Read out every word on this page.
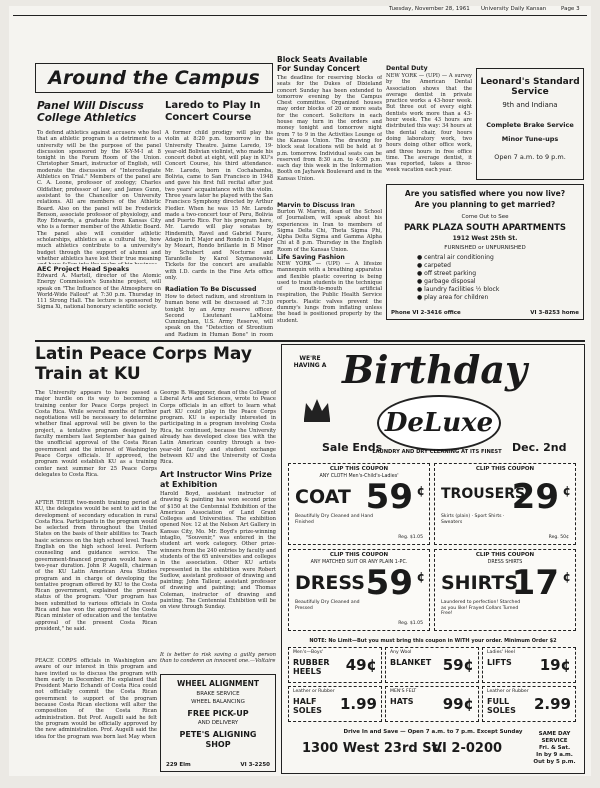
Tuesday, November 28, 1961 University Daily Kansan	Page 3
Around the Campus
Panel Will Discuss College Athletics
To defend athletics against accusers who feel that an athletic program is a detriment to a university will be the purpose of the panel discussion sponsored by the K-Y-M-I at 8 tonight in the Forum Room of the Union. Christopher Smart, instructor of English, will moderate the discussion of "Intercollegiate Athletics on Trial." Members of the panel are C. A. Leone, professor of zoology; Charles Oldfather, professor of law; and James Gunn, assistant to the Chancellor on University relations. All are members of the Athletic Board. Also on the panel will be Frederick Benson, associate professor of physiology, and Roy Edwards, a graduate from Kansas City who is a former member of the Athletic Board. The panel also will consider athletic scholarships, athletics as a cultural tie, how much athletics contribute to a university's budget through the support of alumni and whether athletics have lost their true meaning
AEC Project Head Speaks
Edward A. Martell, director of the Atomic Energy Commission's Sunshine project, will speak on "The Influence of the Atmosphere on World-Wide Fallout" at 7:30 p.m. Thursday in 111 Strong Hall. The lecture is sponsored by Sigma Xi, national honorary scientific society.
Laredo to Play In Concert Course
A former child prodigy will play his violin at 8:20 p.m. tomorrow in the University Theatre. Jaime Laredo, 19-year-old Bolivian violinist, who made his concert debut at eight, will play in KU's Concert Course, his third attendance. Mr. Laredo, born in Cochabamba, Bolivia, came to San Francisco in 1948 and gave his first full recital after just two years' acquaintance with the violin. Three years later he played with the San Francisco Symphony directed by Arthur Fiedler. When he was 15 Mr. Laredo made a two-concert tour of Peru, Bolivia and Puerto Rico. For his program here, Mr. Laredo will play sonatas by Hindemith, Ravel and Gabriel Faure, Adagio in E Major and Rondo in C Major by Mozart, Rondo brillante in B Minor by Schubert and Nocturne and Tarantelle by Karol Szymanowski. Tickets for the concert are available with I.D. cards in the Fine Arts office only.
Radiation To Be Discussed
How to detect radium, and strontium in human bone will be discussed at 7:30 tonight by an Army reserve officer. Second Lieutenant LaMoine Cunningham, U.S. Army Reserve, will speak on the "Detection of Strontium and Radium in Human Bone" in room
Block Seats Available For Sunday Concert
The deadline for reserving blocks of seats for the Dukes of Dixieland concert Sunday has been extended to tomorrow evening by the Campus Chest committee. Organized houses may order blocks of 20 or more seats for the concert. Solicitors in each house may turn in the orders and money tonight and tomorrow night from 7 to 9 in the Activities Lounge of the Kansas Union. The drawing for block seat locations will be held at 9 p.m. tomorrow. Individual seats can be reserved from 8:30 a.m. to 4:30 p.m. each day this week in the Information Booth on Jayhawk Boulevard and in the Kansas Union.
Marvin to Discuss Iran
Burton W. Marvin, dean of the School of Journalism, will speak about his experiences in Iran to members of Sigma Delta Chi, Theta Sigma Phi, Alpha Delta Sigma and Gamma Alpha Chi at 8 p.m. Thursday in the English Room of the Kansas Union.
Life Saving Fashion
NEW YORK — (UPI) — A lifesize mannequin with a breathing apparatus and flexible plastic covering is being used to train students in the technique of mouth-to-mouth artificial respiration, the Public Health Service reports. Plastic valves prevent the dummy's lungs from inflating unless the head is positioned properly by the student.
Dental Duty
NEW YORK — (UPI) — A survey by the American Dental Association shows that the average dentist in private practice works a 43-hour week. But three out of every eight dentists work more than a 43-hour week. The 43 hours are distributed this way: 34 hours at the dental chair, four hours doing laboratory work, two hours doing other office work, and three hours in free office time. The average dentist, it was reported, takes a three-week vacation each year.
Leonard's Standard Service
9th and Indiana
Complete Brake Service
Minor Tune-ups
Open 7 a.m. to 9 p.m.
Are you satisfied where you now live?
Are you planning to get married?
Come Out to See
PARK PLAZA SOUTH APARTMENTS
1912 West 25th St.
FURNISHED or UNFURNISHED
● central air conditioning
● carpeted
● off street parking
● garbage disposal
● laundry facilities ½ block
● play area for children
Phone VI 2-3416 office	VI 3-8253 home
Latin Peace Corps May Train at KU
The University appears to have passed a major hurdle on its way to becoming a training center for Peace Corps project in Costa Rica. While several months of further negotiations will be necessary to determine whether final approval will be given to the project, a tentative program designed by faculty members last September has gained the unofficial approval of the Costa Rican government and the interest of Washington Peace Corps officials. If approved, the program would establish KU as a training center next summer for 25 Peace Corps delegates to Costa Rica.
AFTER THEIR two-month training period at KU, the delegates would be sent to aid in the development of secondary education in rural Costa Rica. Participants in the program would be selected from throughout the United States on the basis of their abilities to: Teach basic sciences on the high school level. Teach English on the high school level. Perform counseling and guidance service. The government-financed program would have a two-year duration. John P. Augelli, chairman of the KU Latin American Area Studies program and in charge of developing the tentative program offered by KU to the Costa Rican government, explained the present status of the program. "Our program has been submitted to various officials in Costa Rica and has won the approval of the Costa Rican minister of education and the tentative approval of the present Costa Rican president," he said.
PEACE CORPS officials in Washington are aware of our interest in this program and have invited us to discuss the program with them early in December. He explained that President Mario Echandi of Costa Rica could not officially commit the Costa Rican government to support of the program because Costa Rican elections will alter the composition of the Costa Rican administration. But Prof. Augelli said he felt the program would be officially approved by the new administration. Prof. Augelli said the idea for the program was born last May when
George B. Waggoner, dean of the College of Liberal Arts and Sciences, wrote to Peace Corps officials in an effort to learn what part KU could play in the Peace Corps program. KU is especially interested in participating in a program involving Costa Rica, he continued, because the University already has developed close ties with the Latin American country through a two-year-old faculty and student exchange between KU and the University of Costa Rica.
Art Instructor Wins Prize at Exhibition
Harold Boyd, assistant instructor of drawing & painting has won second prize of $150 at the Centennial Exhibition of the American Association of Land Grant Colleges and Universities. The exhibition opened Nov. 12 at the Nelson Art Gallery in Kansas City, Mo. Mr. Boyd's prize-winning intaglio, "Souvenir," was entered in the student art work category. Other prize-winners from the 240 entries by faculty and students of the 65 universities and colleges in the association. Other KU artists represented in the exhibition were Robert Sudlow, assistant professor of drawing and painting; John Talleur, assistant professor of drawing and painting; and Thomas Coleman, instructor of drawing and painting. The Centennial Exhibition will be on view through Sunday.
It is better to risk saving a guilty person than to condemn an innocent one.—Voltaire
WHEEL ALIGNMENT
BRAKE SERVICE
WHEEL BALANCING
FREE PICK-UP
AND DELIVERY
PETE'S ALIGNING
SHOP
229 Elm	VI 3-2250
WE'RE HAVING A Birthday
DeLuxe
LAUNDRY AND DRY CLEANING AT ITS FINEST
Sale Ends	Dec. 2nd
CLIP THIS COUPON
ANY CLOTH Men's-Child's-Ladies'
COAT 59 ¢
Beautifully Dry Cleaned and Hand Finished
Reg. $1.05
CLIP THIS COUPON
TROUSERS
29 ¢
Skirts (plain) · Sport Shirts · Sweaters
Reg. 50¢
CLIP THIS COUPON
ANY MATCHED SUIT OR ANY PLAIN 1-PC.
DRESS 59 ¢
Beautifully Dry Cleaned and Pressed
Reg. $1.05
CLIP THIS COUPON
DRESS SHIRTS
SHIRTS
17 ¢
Laundered to perfection! Starched as you like! Frayed Collars Turned Free!
NOTE: No Limit—But you must bring this coupon in WITH your order. Minimum Order $2
Men's—Boys'
RUBBER HEELS	49¢
Any Wool
BLANKET 59¢
Ladies' Heel
LIFTS	19¢
Leather or Rubber
HALF SOLES	1.99
MEN'S FELT
HATS	99¢
Leather or Rubber
FULL SOLES	2.99
Drive In and Save — Open 7 a.m. to 7 p.m. Except Sunday
1300 West 23rd St.
VI 2-0200
SAME DAY SERVICE
Fri. & Sat.
In by 9 a.m.
Out by 5 p.m.
